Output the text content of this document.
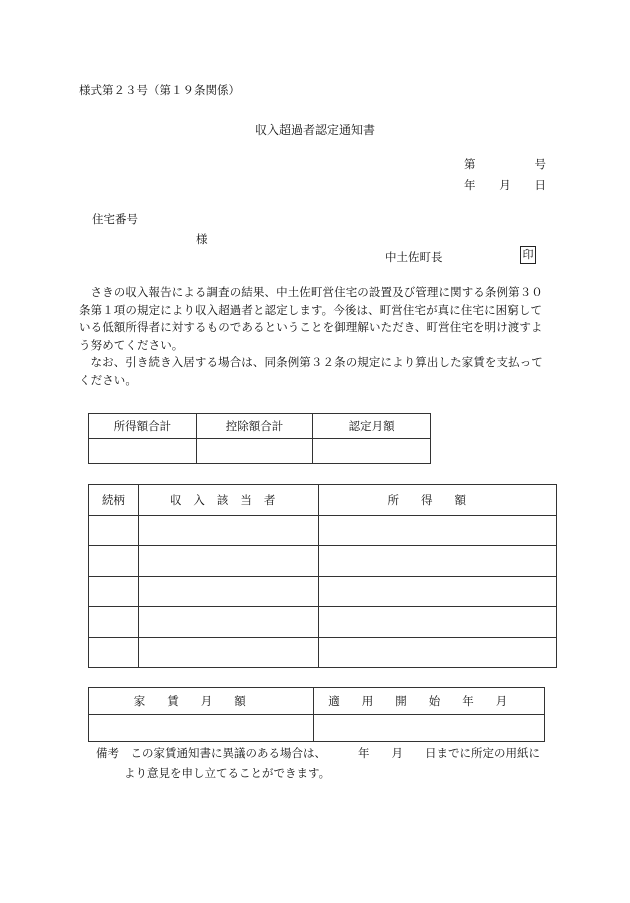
様式第２３号（第１９条関係）
収入超過者認定通知書
第	号
年 月 日
住宅番号
様
中土佐町長	印

さきの収入報告による調査の結果、中土佐町営住宅の設置及び管理に関する条例第３０条第１項の規定により収入超過者と認定します。今後は、町営住宅が真に住宅に困窮している低額所得者に対するものであるということを御理解いただき、町営住宅を明け渡すよう努めてください。

なお、引き続き入居する場合は、同条例第３２条の規定により算出した家賃を支払ってください。

所得額合計	控除額合計	認定月額

続柄	収入該当者	所得額

家賃月額	適用開始年月

備考　 この家賃通知書に異議のある場合は、	年 月 日までに所定の用紙に
より意見を申し立てることができます。
